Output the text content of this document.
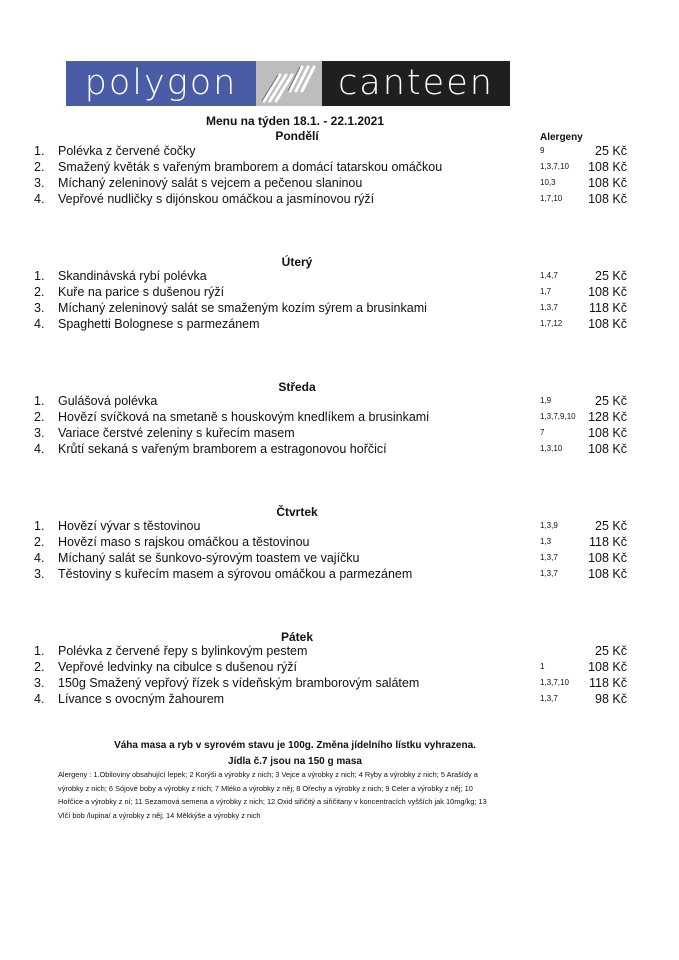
polygon	canteen
Menu na týden 18.1. - 22.1.2021
Alergeny
Pondělí
1. Polévka z červené čočky	9	25 Kč
2. Smažený květák s vařeným bramborem a domácí tatarskou omáčkou	1,3,7,10 108 Kč
3. Míchaný zeleninový salát s vejcem a pečenou slaninou	10,3	108 Kč
4. Vepřové nudličky s dijónskou omáčkou a jasmínovou rýží	1,7,10 108 Kč
Úterý
1. Skandinávská rybí polévka	1,4,7	25 Kč
2. Kuře na parice s dušenou rýží	1,7	108 Kč
3. Míchaný zeleninový salát se smaženým kozím sýrem a brusinkami	1,3,7 118 Kč
4. Spaghetti Bolognese s parmezánem	1,7,12 108 Kč
Středa
1. Gulášová polévka	1,9	25 Kč
2. Hovězí svíčková na smetaně s houskovým knedlíkem a brusinkami	1,3,7,9,10 128 Kč
3. Variace čerstvé zeleniny s kuřecím masem	7	108 Kč
4. Krůtí sekaná s vařeným bramborem a estragonovou hořčicí	1,3,10 108 Kč
Čtvrtek
1. Hovězí vývar s těstovinou	1,3,9	25 Kč
2. Hovězí maso s rajskou omáčkou a těstovinou	1,3	118 Kč
4. Míchaný salát se šunkovo-sýrovým toastem ve vajíčku	1,3,7 108 Kč
3. Těstoviny s kuřecím masem a sýrovou omáčkou a parmezánem	1,3,7 108 Kč
Pátek
1. Polévka z červené řepy s bylinkovým pestem	25 Kč
2. Vepřové ledvinky na cibulce s dušenou rýží	1	108 Kč
3. 150g Smažený vepřový řízek s vídeňským bramborovým salátem	1,3,7,10 118 Kč
4. Lívance s ovocným žahourem	1,3,7	98 Kč
Váha masa a ryb v syrovém stavu je 100g. Změna jídelního lístku vyhrazena.
Jídla č.7 jsou na 150 g masa
Alergeny : 1.Obiloviny obsahující lepek; 2 Korýši a výrobky z nich; 3 Vejce a výrobky z nich; 4 Ryby a výrobky z nich; 5 Arašídy a
výrobky z nich; 6 Sójové boby a výrobky z nich; 7 Mléko a výrobky z něj; 8 Ořechy a výrobky z nich; 9 Celer a výrobky z něj; 10
Hořčice a výrobky z ní; 11 Sezamová semena a výrobky z nich; 12 Oxid siřičitý a siřičitany v koncentracích vyšších jak 10mg/kg; 13
Vlčí bob /lupina/ a výrobky z něj; 14 Měkkýše a výrobky z nich
